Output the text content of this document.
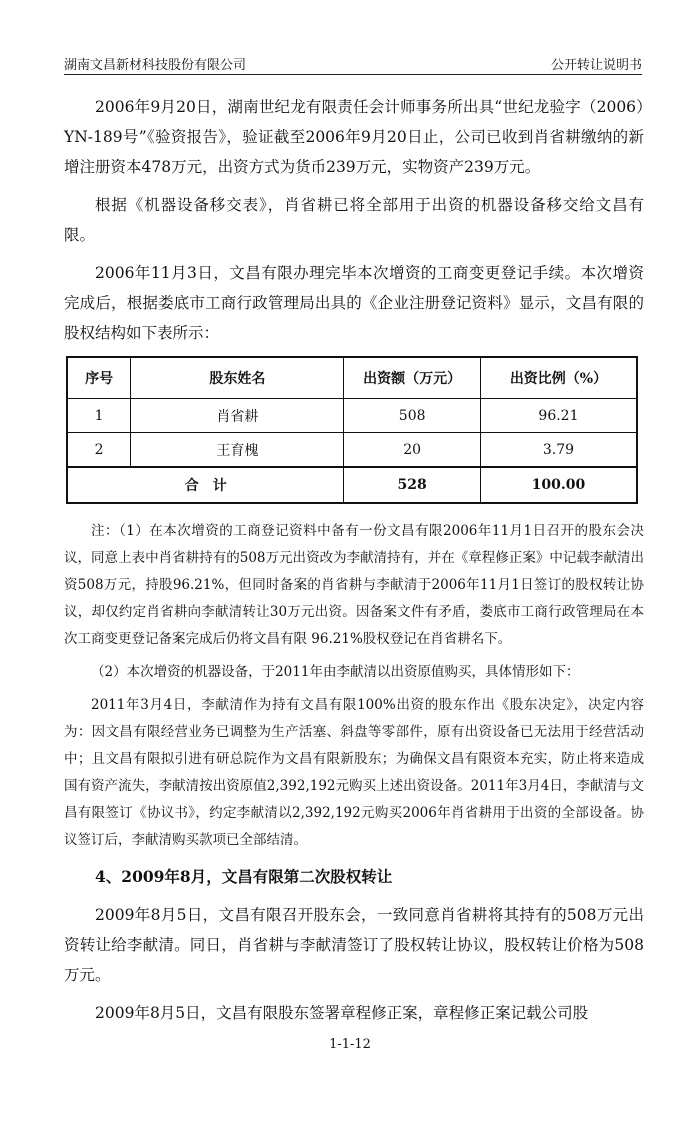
湖南文昌新材科技股份有限公司	公开转让说明书

2006年9月20日，湖南世纪龙有限责任会计师事务所出具“世纪龙验字（2006）YN-189号”《验资报告》，验证截至2006年9月20日止，公司已收到肖省耕缴纳的新增注册资本478万元，出资方式为货币239万元，实物资产239万元。

根据《机器设备移交表》，肖省耕已将全部用于出资的机器设备移交给文昌有限。

2006年11月3日，文昌有限办理完毕本次增资的工商变更登记手续。本次增资完成后，根据娄底市工商行政管理局出具的《企业注册登记资料》显示，文昌有限的股权结构如下表所示：

序号	股东姓名	出资额（万元）	出资比例（%）
1	肖省耕	508	96.21
2	王育槐	20	3.79
合　计		528	100.00

注：（1）在本次增资的工商登记资料中备有一份文昌有限2006年11月1日召开的股东会决议，同意上表中肖省耕持有的508万元出资改为李献清持有，并在《章程修正案》中记载李献清出资508万元，持股96.21%，但同时备案的肖省耕与李献清于2006年11月1日签订的股权转让协议，却仅约定肖省耕向李献清转让30万元出资。因备案文件有矛盾，娄底市工商行政管理局在本次工商变更登记备案完成后仍将文昌有限 96.21%股权登记在肖省耕名下。

（2）本次增资的机器设备，于2011年由李献清以出资原值购买，具体情形如下：

2011年3月4日，李献清作为持有文昌有限100%出资的股东作出《股东决定》，决定内容为：因文昌有限经营业务已调整为生产活塞、斜盘等零部件，原有出资设备已无法用于经营活动中；且文昌有限拟引进有研总院作为文昌有限新股东；为确保文昌有限资本充实，防止将来造成国有资产流失，李献清按出资原值2,392,192元购买上述出资设备。2011年3月4日，李献清与文昌有限签订《协议书》，约定李献清以2,392,192元购买2006年肖省耕用于出资的全部设备。协议签订后，李献清购买款项已全部结清。

4、2009年8月，文昌有限第二次股权转让

2009年8月5日，文昌有限召开股东会，一致同意肖省耕将其持有的508万元出资转让给李献清。同日，肖省耕与李献清签订了股权转让协议，股权转让价格为508万元。

2009年8月5日，文昌有限股东签署章程修正案，章程修正案记载公司股

1-1-12
